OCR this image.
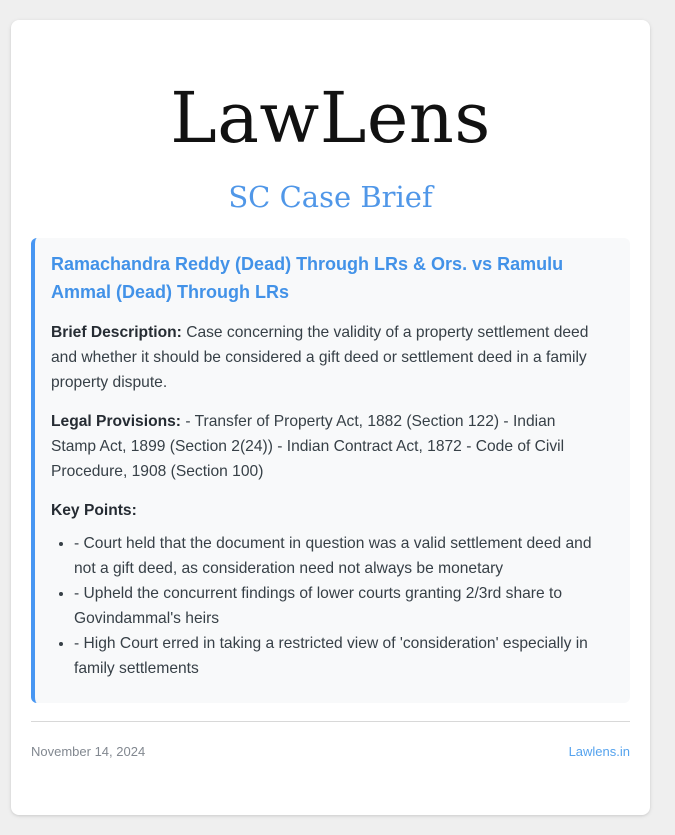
LawLens
SC Case Brief
Ramachandra Reddy (Dead) Through LRs & Ors. vs Ramulu Ammal (Dead) Through LRs

Brief Description: Case concerning the validity of a property settlement deed and whether it should be considered a gift deed or settlement deed in a family property dispute.

Legal Provisions: - Transfer of Property Act, 1882 (Section 122) - Indian Stamp Act, 1899 (Section 2(24)) - Indian Contract Act, 1872 - Code of Civil Procedure, 1908 (Section 100)

Key Points:

• - Court held that the document in question was a valid settlement deed and not a gift deed, as consideration need not always be monetary
• - Upheld the concurrent findings of lower courts granting 2/3rd share to Govindammal's heirs
• - High Court erred in taking a restricted view of 'consideration' especially in family settlements
November 14, 2024	Lawlens.in
